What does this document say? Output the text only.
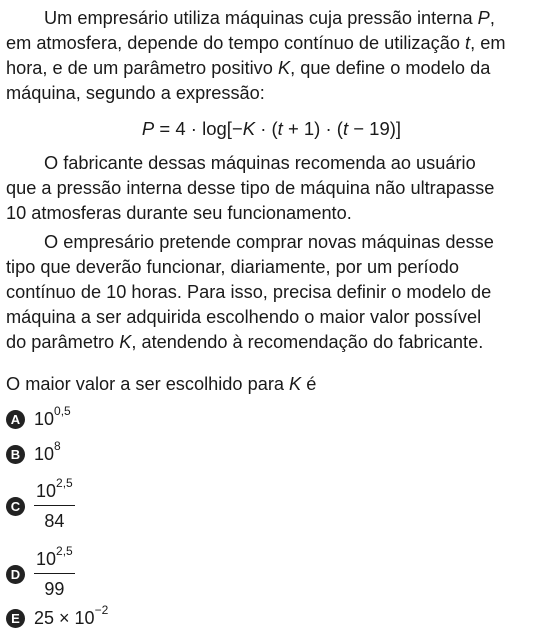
Um empresário utiliza máquinas cuja pressão interna P,
em atmosfera, depende do tempo contínuo de utilização t, em
hora, e de um parâmetro positivo K, que define o modelo da
máquina, segundo a expressão:
P = 4 · log[−K · (t + 1) · (t − 19)]
O fabricante dessas máquinas recomenda ao usuário
que a pressão interna desse tipo de máquina não ultrapasse
10 atmosferas durante seu funcionamento.
O empresário pretende comprar novas máquinas desse
tipo que deverão funcionar, diariamente, por um período
contínuo de 10 horas. Para isso, precisa definir o modelo de
máquina a ser adquirida escolhendo o maior valor possível
do parâmetro K, atendendo à recomendação do fabricante.
O maior valor a ser escolhido para K é
A 10$^{0,5}$
B $10^8$
C $\frac{10^{2,5}}{84}$
D $\frac{10^{2,5}}{99}$
E $25 \times 10^{-2}$
